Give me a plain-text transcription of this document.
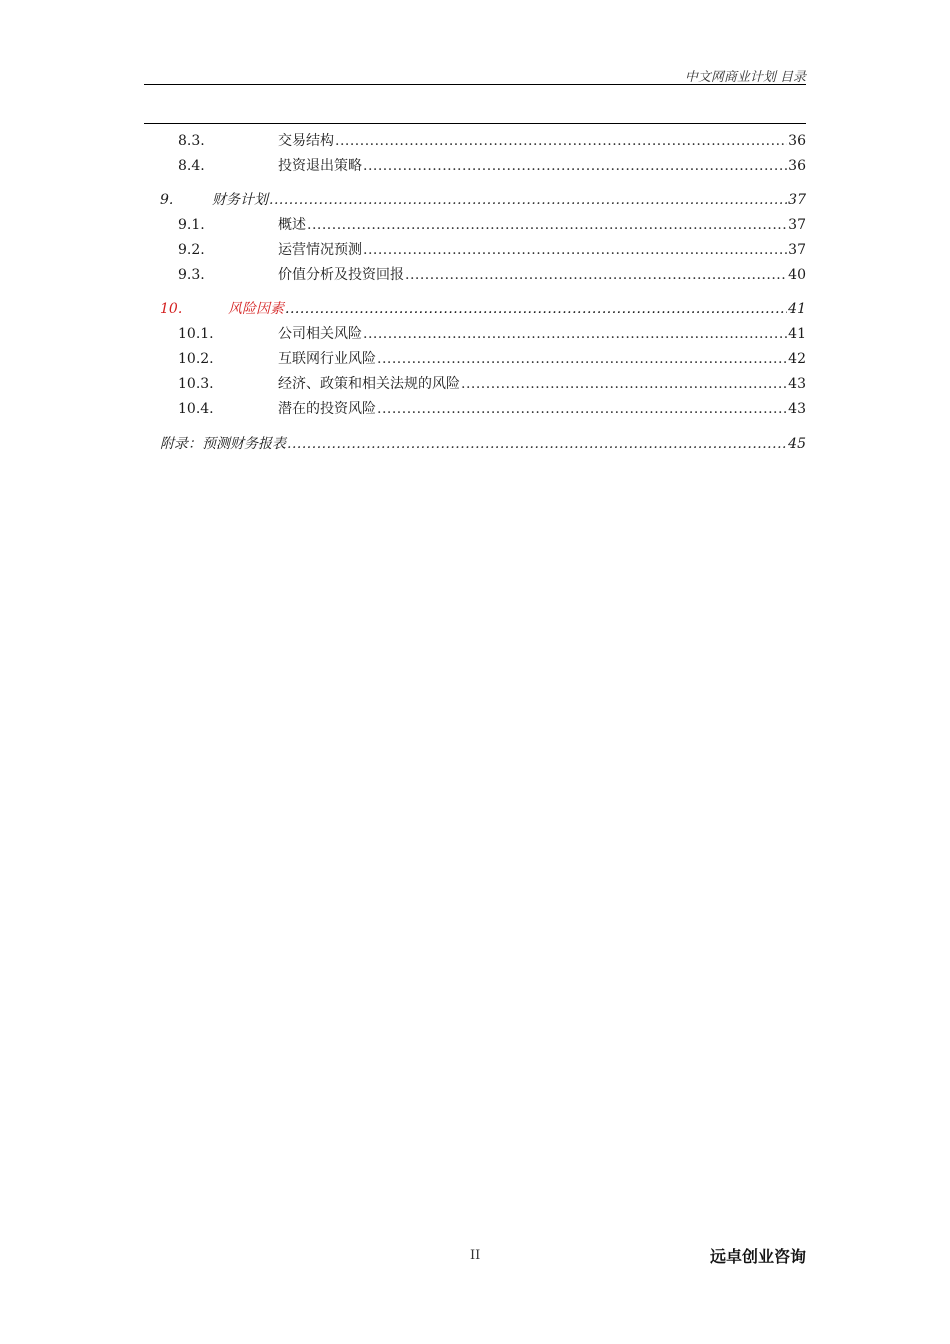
中文网商业计划 目录
8.3.	交易结构 .....	36
8.4.	投资退出策略 .....	36
9.	财务计划 .....	37
9.1.	概述 .....	37
9.2.	运营情况预测 .....	37
9.3.	价值分析及投资回报 .....	40
10.	风险因素 .....	41
10.1.	公司相关风险 .....	41
10.2.	互联网行业风险 .....	42
10.3.	经济、政策和相关法规的风险 .....	43
10.4.	潜在的投资风险 .....	43
附录：预测财务报表 .....	45
II	远卓创业咨询
